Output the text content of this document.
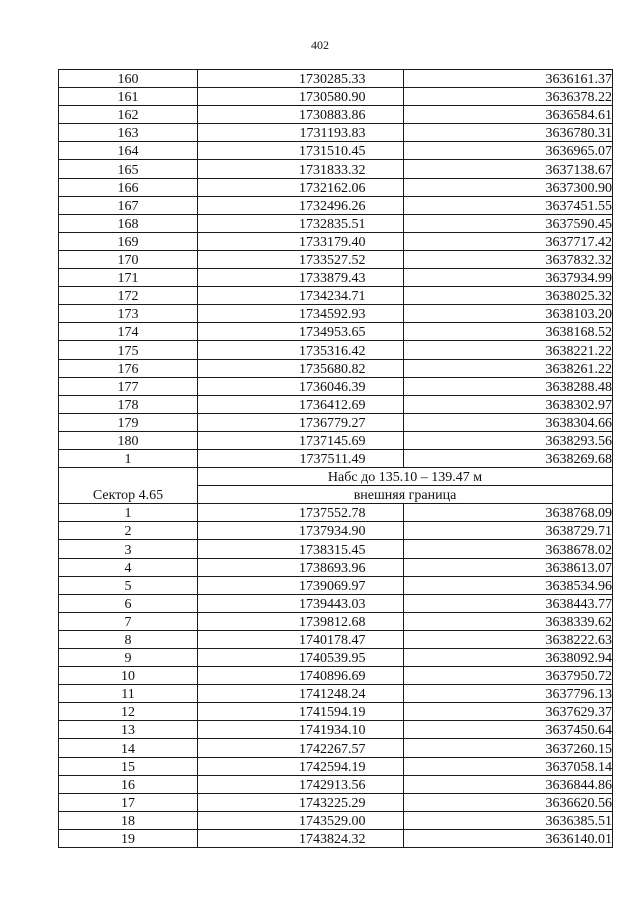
402
160	1730285.33	3636161.37
161	1730580.90	3636378.22
162	1730883.86	3636584.61
163	1731193.83	3636780.31
164	1731510.45	3636965.07
165	1731833.32	3637138.67
166	1732162.06	3637300.90
167	1732496.26	3637451.55
168	1732835.51	3637590.45
169	1733179.40	3637717.42
170	1733527.52	3637832.32
171	1733879.43	3637934.99
172	1734234.71	3638025.32
173	1734592.93	3638103.20
174	1734953.65	3638168.52
175	1735316.42	3638221.22
176	1735680.82	3638261.22
177	1736046.39	3638288.48
178	1736412.69	3638302.97
179	1736779.27	3638304.66
180	1737145.69	3638293.56
1	1737511.49	3638269.68
Сектор 4.65	Набс до 135.10 – 139.47 м	
	внешняя граница	
1	1737552.78	3638768.09
2	1737934.90	3638729.71
3	1738315.45	3638678.02
4	1738693.96	3638613.07
5	1739069.97	3638534.96
6	1739443.03	3638443.77
7	1739812.68	3638339.62
8	1740178.47	3638222.63
9	1740539.95	3638092.94
10	1740896.69	3637950.72
11	1741248.24	3637796.13
12	1741594.19	3637629.37
13	1741934.10	3637450.64
14	1742267.57	3637260.15
15	1742594.19	3637058.14
16	1742913.56	3636844.86
17	1743225.29	3636620.56
18	1743529.00	3636385.51
19	1743824.32	3636140.01
